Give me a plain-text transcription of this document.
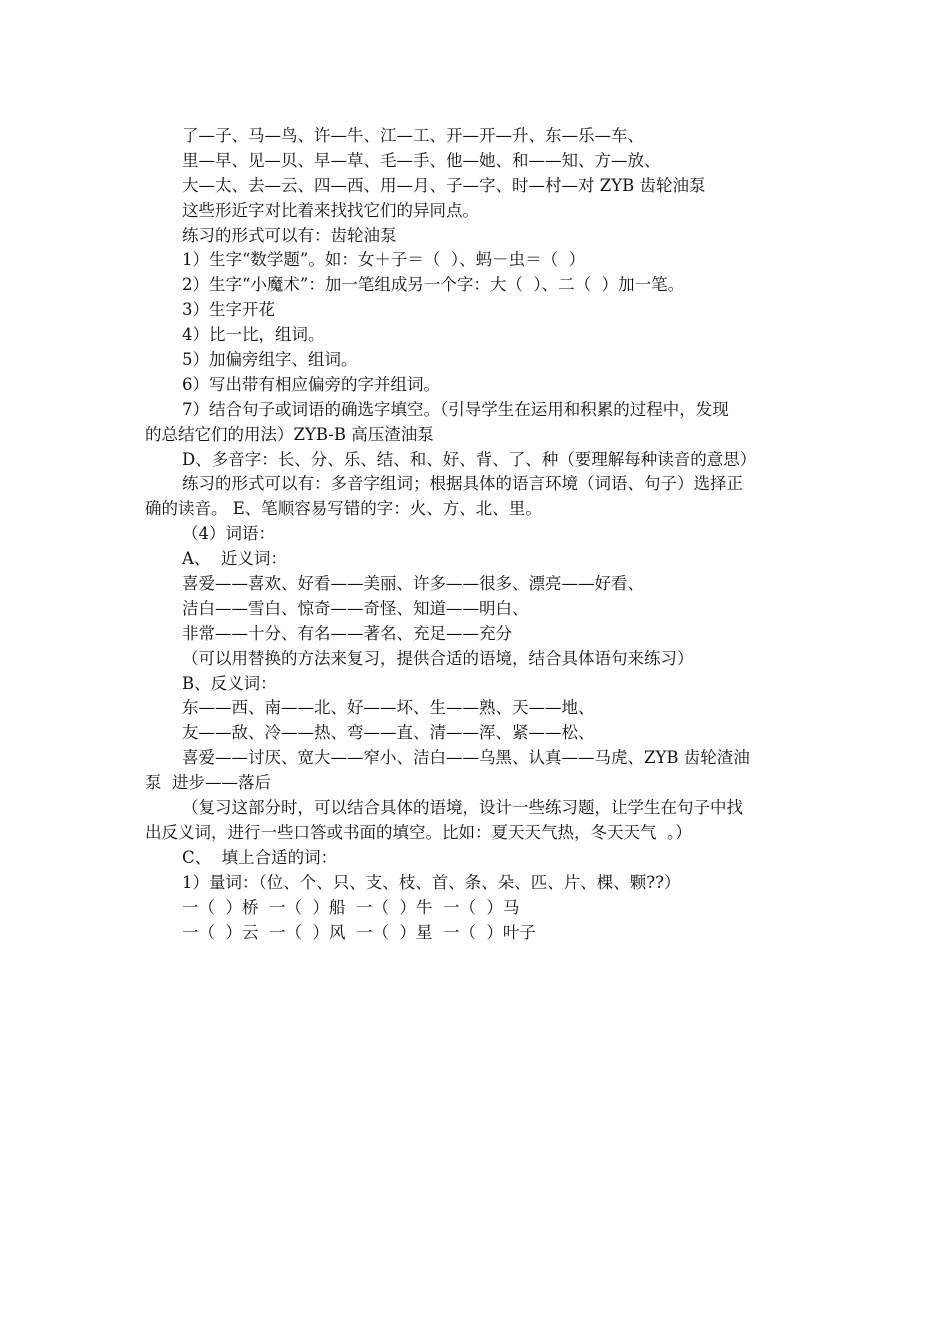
了—子、马—鸟、许—牛、江—工、开—开—升、东—乐—车、
里—早、见—贝、早—草、毛—手、他—她、和——知、方—放、
大—太、去—云、四—西、用—月、子—字、时—村—对 ZYB 齿轮油泵
这些形近字对比着来找找它们的异同点。
练习的形式可以有：齿轮油泵
1）生字“数学题”。如：女＋子＝（  ）、蚂－虫＝（  ）
2）生字“小魔术”：加一笔组成另一个字：大（  ）、二（  ）加一笔。
3）生字开花
4）比一比，组词。
5）加偏旁组字、组词。
6）写出带有相应偏旁的字并组词。
7）结合句子或词语的确选字填空。（引导学生在运用和积累的过程中，发现
的总结它们的用法）ZYB-B 高压渣油泵
D、多音字：长、分、乐、结、和、好、背、了、种（要理解每种读音的意思）
练习的形式可以有：多音字组词；根据具体的语言环境（词语、句子）选择正
确的读音。 E、笔顺容易写错的字：火、方、北、里。
（4）词语：
A、  近义词：
喜爱——喜欢、好看——美丽、许多——很多、漂亮——好看、
洁白——雪白、惊奇——奇怪、知道——明白、
非常——十分、有名——著名、充足——充分
（可以用替换的方法来复习，提供合适的语境，结合具体语句来练习）
B、反义词：
东——西、南——北、好——坏、生——熟、天——地、
友——敌、冷——热、弯——直、清——浑、紧——松、
喜爱——讨厌、宽大——窄小、洁白——乌黑、认真——马虎、ZYB 齿轮渣油
泵  进步——落后
（复习这部分时，可以结合具体的语境，设计一些练习题，让学生在句子中找
出反义词，进行一些口答或书面的填空。比如：夏天天气热，冬天天气  。）
C、  填上合适的词：
1）量词：（位、个、只、支、枝、首、条、朵、匹、片、棵、颗??）
一（  ）桥  一（  ）船  一（  ）牛  一（  ）马
一（  ）云  一（  ）风  一（  ）星  一（  ）叶子
